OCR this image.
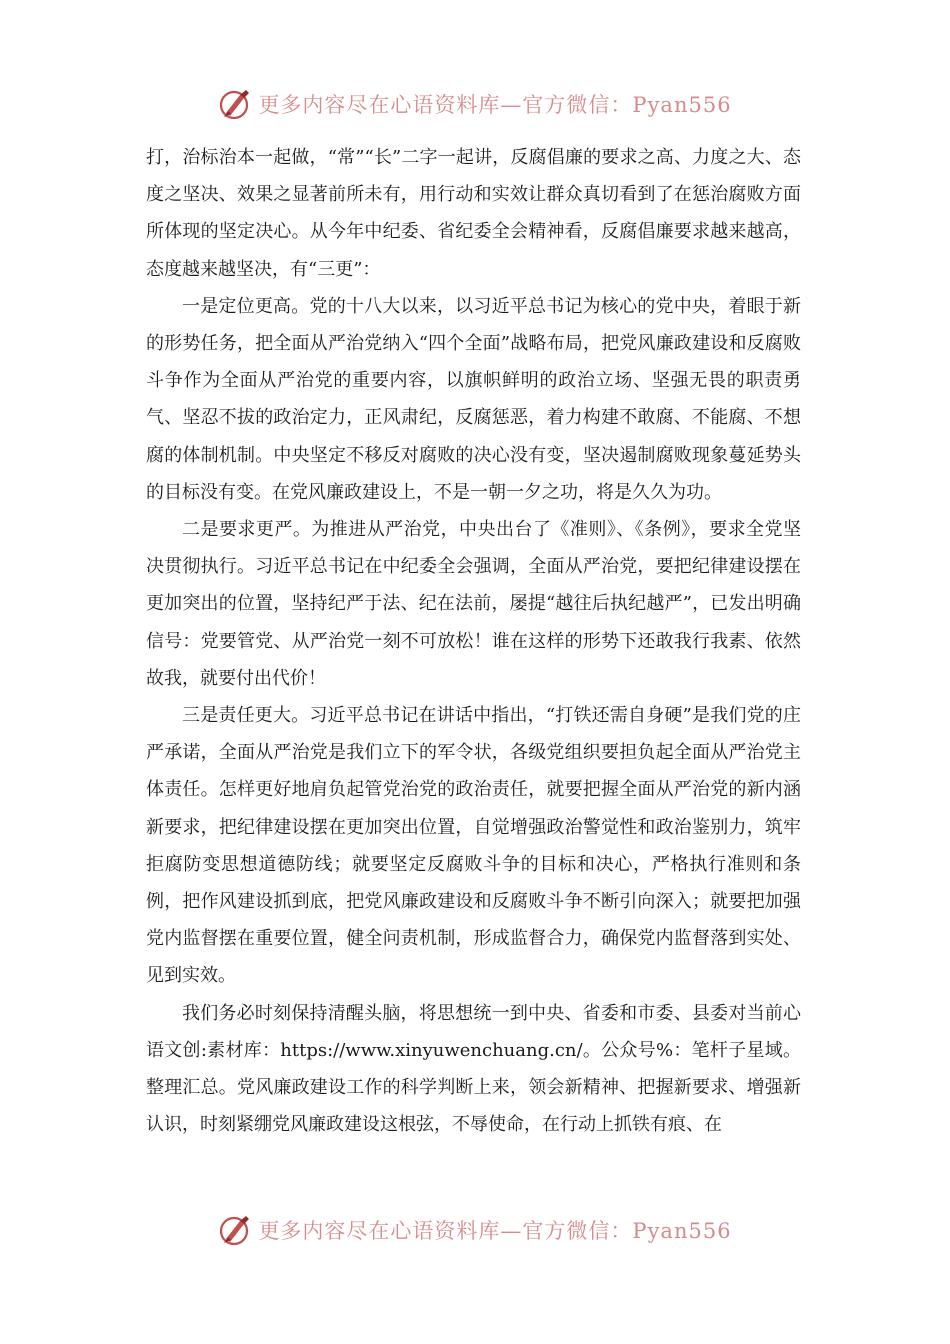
更多内容尽在心语资料库—官方微信：Pyan556

打，治标治本一起做，“常”“长”二字一起讲，反腐倡廉的要求之高、力度之大、态度之坚决、效果之显著前所未有，用行动和实效让群众真切看到了在惩治腐败方面所体现的坚定决心。从今年中纪委、省纪委全会精神看，反腐倡廉要求越来越高，态度越来越坚决，有“三更”：

一是定位更高。党的十八大以来，以习近平总书记为核心的党中央，着眼于新的形势任务，把全面从严治党纳入“四个全面”战略布局，把党风廉政建设和反腐败斗争作为全面从严治党的重要内容，以旗帜鲜明的政治立场、坚强无畏的职责勇气、坚忍不拔的政治定力，正风肃纪，反腐惩恶，着力构建不敢腐、不能腐、不想腐的体制机制。中央坚定不移反对腐败的决心没有变，坚决遏制腐败现象蔓延势头的目标没有变。在党风廉政建设上，不是一朝一夕之功，将是久久为功。

二是要求更严。为推进从严治党，中央出台了《准则》、《条例》，要求全党坚决贯彻执行。习近平总书记在中纪委全会强调，全面从严治党，要把纪律建设摆在更加突出的位置，坚持纪严于法、纪在法前，屡提“越往后执纪越严”，已发出明确信号：党要管党、从严治党一刻不可放松！谁在这样的形势下还敢我行我素、依然故我，就要付出代价！

三是责任更大。习近平总书记在讲话中指出，“打铁还需自身硬”是我们党的庄严承诺，全面从严治党是我们立下的军令状，各级党组织要担负起全面从严治党主体责任。怎样更好地肩负起管党治党的政治责任，就要把握全面从严治党的新内涵新要求，把纪律建设摆在更加突出位置，自觉增强政治警觉性和政治鉴别力，筑牢拒腐防变思想道德防线；就要坚定反腐败斗争的目标和决心，严格执行准则和条例，把作风建设抓到底，把党风廉政建设和反腐败斗争不断引向深入；就要把加强党内监督摆在重要位置，健全问责机制，形成监督合力，确保党内监督落到实处、见到实效。

我们务必时刻保持清醒头脑，将思想统一到中央、省委和市委、县委对当前心语文创:素材库：https://www.xinyuwenchuang.cn/。公众号%：笔杆子星域。整理汇总。党风廉政建设工作的科学判断上来，领会新精神、把握新要求、增强新认识，时刻紧绷党风廉政建设这根弦，不辱使命，在行动上抓铁有痕、在

更多内容尽在心语资料库—官方微信：Pyan556
